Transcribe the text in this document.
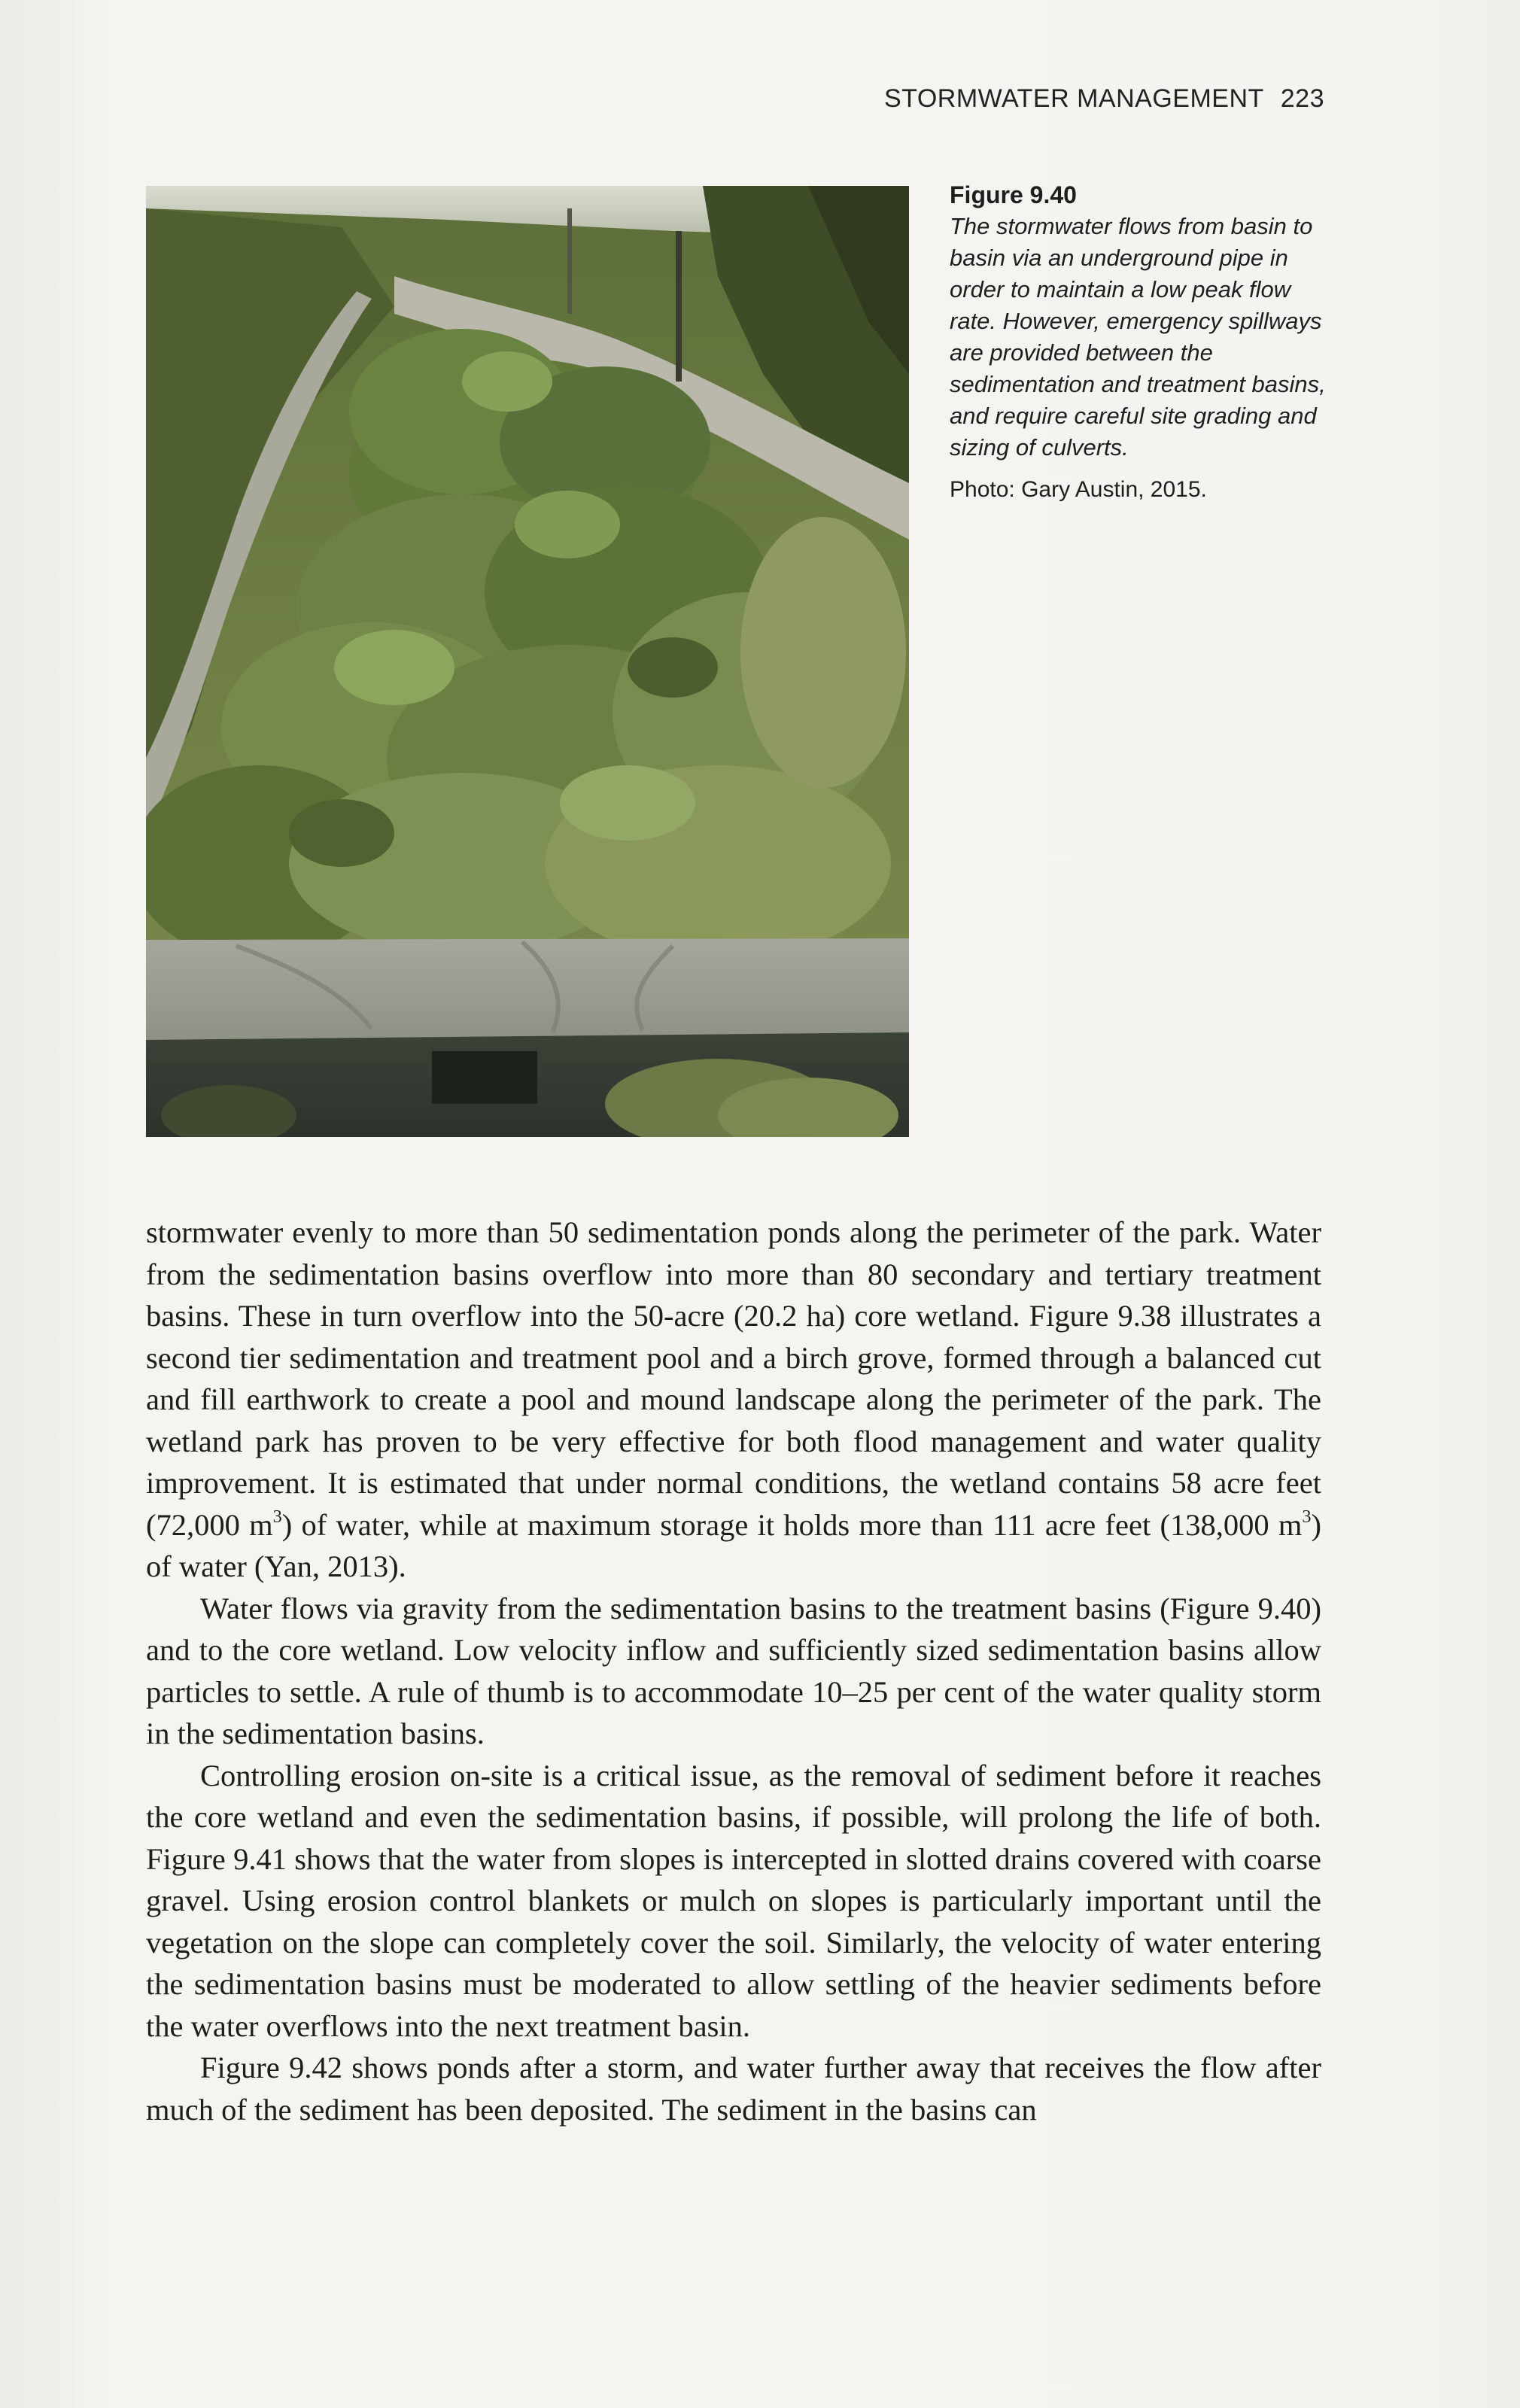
STORMWATER MANAGEMENT 223
Figure 9.40
The stormwater flows from basin to basin via an underground pipe in order to maintain a low peak flow rate. However, emergency spillways are provided between the sedimentation and treatment basins, and require careful site grading and sizing of culverts.
Photo: Gary Austin, 2015.

stormwater evenly to more than 50 sedimentation ponds along the perimeter of the park. Water from the sedimentation basins overflow into more than 80 secondary and tertiary treatment basins. These in turn overflow into the 50-acre (20.2 ha) core wetland. Figure 9.38 illustrates a second tier sedimentation and treatment pool and a birch grove, formed through a balanced cut and fill earthwork to create a pool and mound landscape along the perimeter of the park. The wetland park has proven to be very effective for both flood management and water quality improvement. It is estimated that under normal conditions, the wetland contains 58 acre feet (72,000 $m^3$) of water, while at maximum storage it holds more than 111 acre feet (138,000 $m^3$) of water (Yan, 2013).

Water flows via gravity from the sedimentation basins to the treatment basins (Figure 9.40) and to the core wetland. Low velocity inflow and sufficiently sized sedimentation basins allow particles to settle. A rule of thumb is to accommodate 10–25 per cent of the water quality storm in the sedimentation basins.

Controlling erosion on-site is a critical issue, as the removal of sediment before it reaches the core wetland and even the sedimentation basins, if possible, will prolong the life of both. Figure 9.41 shows that the water from slopes is intercepted in slotted drains covered with coarse gravel. Using erosion control blankets or mulch on slopes is particularly important until the vegetation on the slope can completely cover the soil. Similarly, the velocity of water entering the sedimentation basins must be moderated to allow settling of the heavier sediments before the water overflows into the next treatment basin.

Figure 9.42 shows ponds after a storm, and water further away that receives the flow after much of the sediment has been deposited. The sediment in the basins can
